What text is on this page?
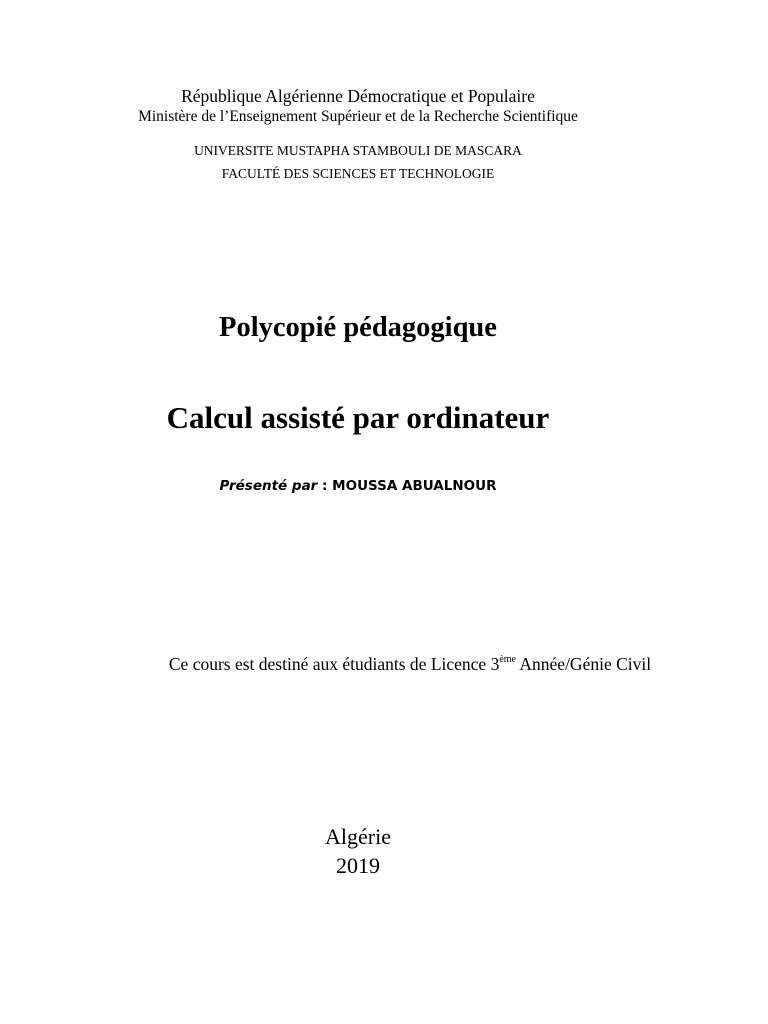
République Algérienne Démocratique et Populaire
Ministère de l’Enseignement Supérieur et de la Recherche Scientifique
.UNIVERSITE MUSTAPHA STAMBOULI DE MASCARA.
FACULTÉ DES SCIENCES ET TECHNOLOGIE
Polycopié pédagogique
Calcul assisté par ordinateur
Présenté par : MOUSSA ABUALNOUR
Ce cours est destiné aux étudiants de Licence 3ème Année/Génie Civil
Algérie
2019
